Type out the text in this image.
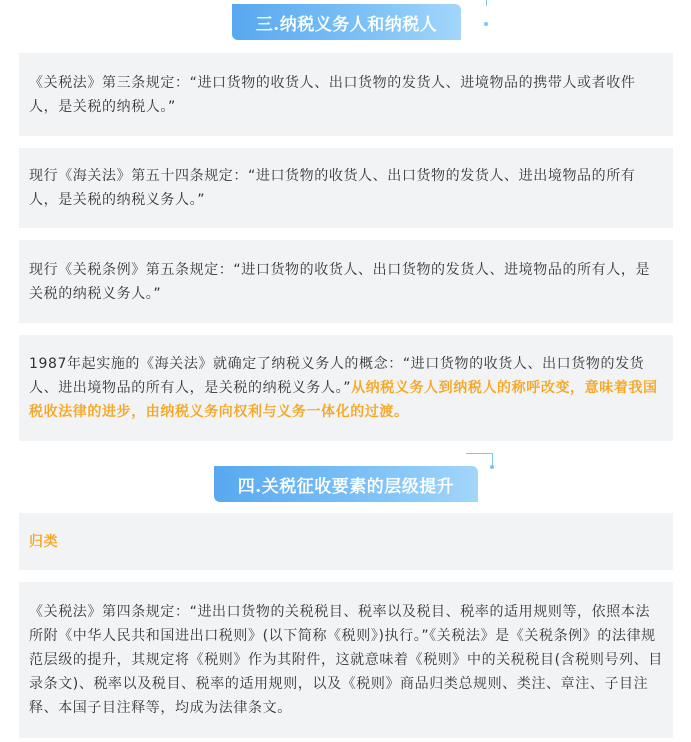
三.纳税义务人和纳税人

《关税法》第三条规定：“进口货物的收货人、出口货物的发货人、进境物品的携带人或者收件人，是关税的纳税人。”

现行《海关法》第五十四条规定：“进口货物的收货人、出口货物的发货人、进出境物品的所有人，是关税的纳税义务人。”

现行《关税条例》第五条规定：“进口货物的收货人、出口货物的发货人、进境物品的所有人，是关税的纳税义务人。”

1987年起实施的《海关法》就确定了纳税义务人的概念：“进口货物的收货人、出口货物的发货人、进出境物品的所有人，是关税的纳税义务人。”从纳税义务人到纳税人的称呼改变，意味着我国税收法律的进步，由纳税义务向权利与义务一体化的过渡。

四.关税征收要素的层级提升

归类

《关税法》第四条规定：“进出口货物的关税税目、税率以及税目、税率的适用规则等，依照本法所附《中华人民共和国进出口税则》(以下简称《税则》)执行。”《关税法》是《关税条例》的法律规范层级的提升，其规定将《税则》作为其附件，这就意味着《税则》中的关税税目(含税则号列、目录条文)、税率以及税目、税率的适用规则，以及《税则》商品归类总规则、类注、章注、子目注释、本国子目注释等，均成为法律条文。
